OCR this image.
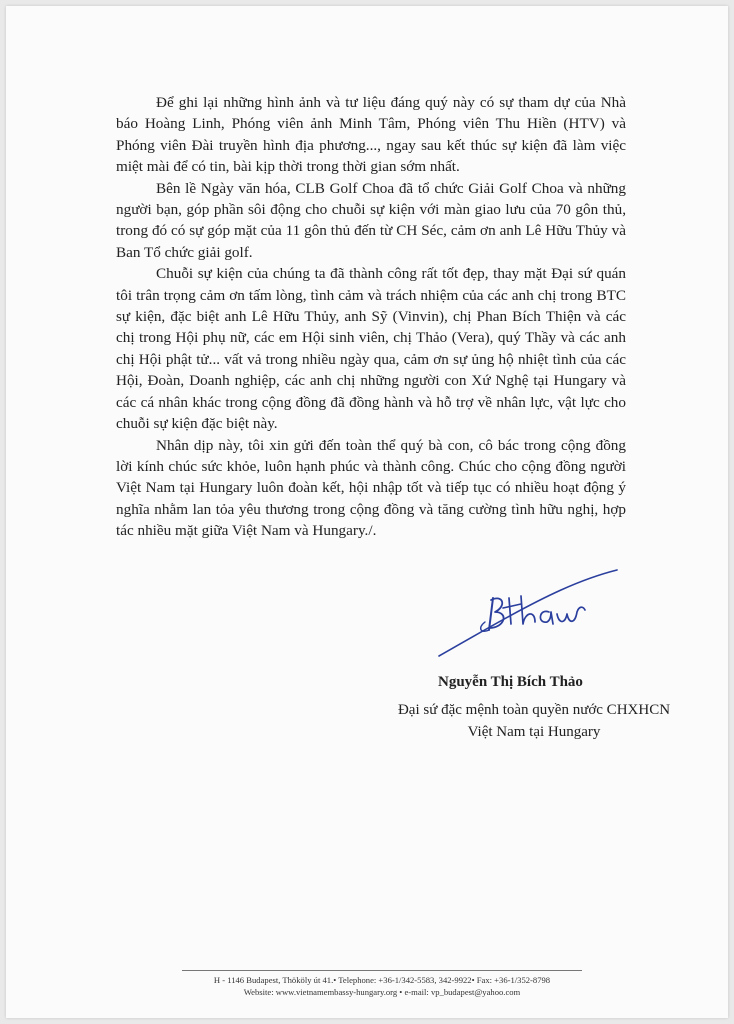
Để ghi lại những hình ảnh và tư liệu đáng quý này có sự tham dự của Nhà báo Hoàng Linh, Phóng viên ảnh Minh Tâm, Phóng viên Thu Hiền (HTV) và Phóng viên Đài truyền hình địa phương..., ngay sau kết thúc sự kiện đã làm việc miệt mài để có tin, bài kịp thời trong thời gian sớm nhất.

Bên lề Ngày văn hóa, CLB Golf Choa đã tổ chức Giải Golf Choa và những người bạn, góp phần sôi động cho chuỗi sự kiện với màn giao lưu của 70 gôn thủ, trong đó có sự góp mặt của 11 gôn thủ đến từ CH Séc, cảm ơn anh Lê Hữu Thủy và Ban Tổ chức giải golf.

Chuỗi sự kiện của chúng ta đã thành công rất tốt đẹp, thay mặt Đại sứ quán tôi trân trọng cảm ơn tấm lòng, tình cảm và trách nhiệm của các anh chị trong BTC sự kiện, đặc biệt anh Lê Hữu Thủy, anh Sỹ (Vinvin), chị Phan Bích Thiện và các chị trong Hội phụ nữ, các em Hội sinh viên, chị Thảo (Vera), quý Thầy và các anh chị Hội phật tử... vất vả trong nhiều ngày qua, cảm ơn sự ủng hộ nhiệt tình của các Hội, Đoàn, Doanh nghiệp, các anh chị những người con Xứ Nghệ tại Hungary và các cá nhân khác trong cộng đồng đã đồng hành và hỗ trợ về nhân lực, vật lực cho chuỗi sự kiện đặc biệt này.

Nhân dịp này, tôi xin gửi đến toàn thể quý bà con, cô bác trong cộng đồng lời kính chúc sức khỏe, luôn hạnh phúc và thành công. Chúc cho cộng đồng người Việt Nam tại Hungary luôn đoàn kết, hội nhập tốt và tiếp tục có nhiều hoạt động ý nghĩa nhằm lan tỏa yêu thương trong cộng đồng và tăng cường tình hữu nghị, hợp tác nhiều mặt giữa Việt Nam và Hungary./.

Nguyễn Thị Bích Thảo
Đại sứ đặc mệnh toàn quyền nước CHXHCN
Việt Nam tại Hungary
H - 1146 Budapest, Thököly út 41.• Telephone: +36-1/342-5583, 342-9922• Fax: +36-1/352-8798
Website: www.vietnamembassy-hungary.org • e-mail: vp_budapest@yahoo.com
